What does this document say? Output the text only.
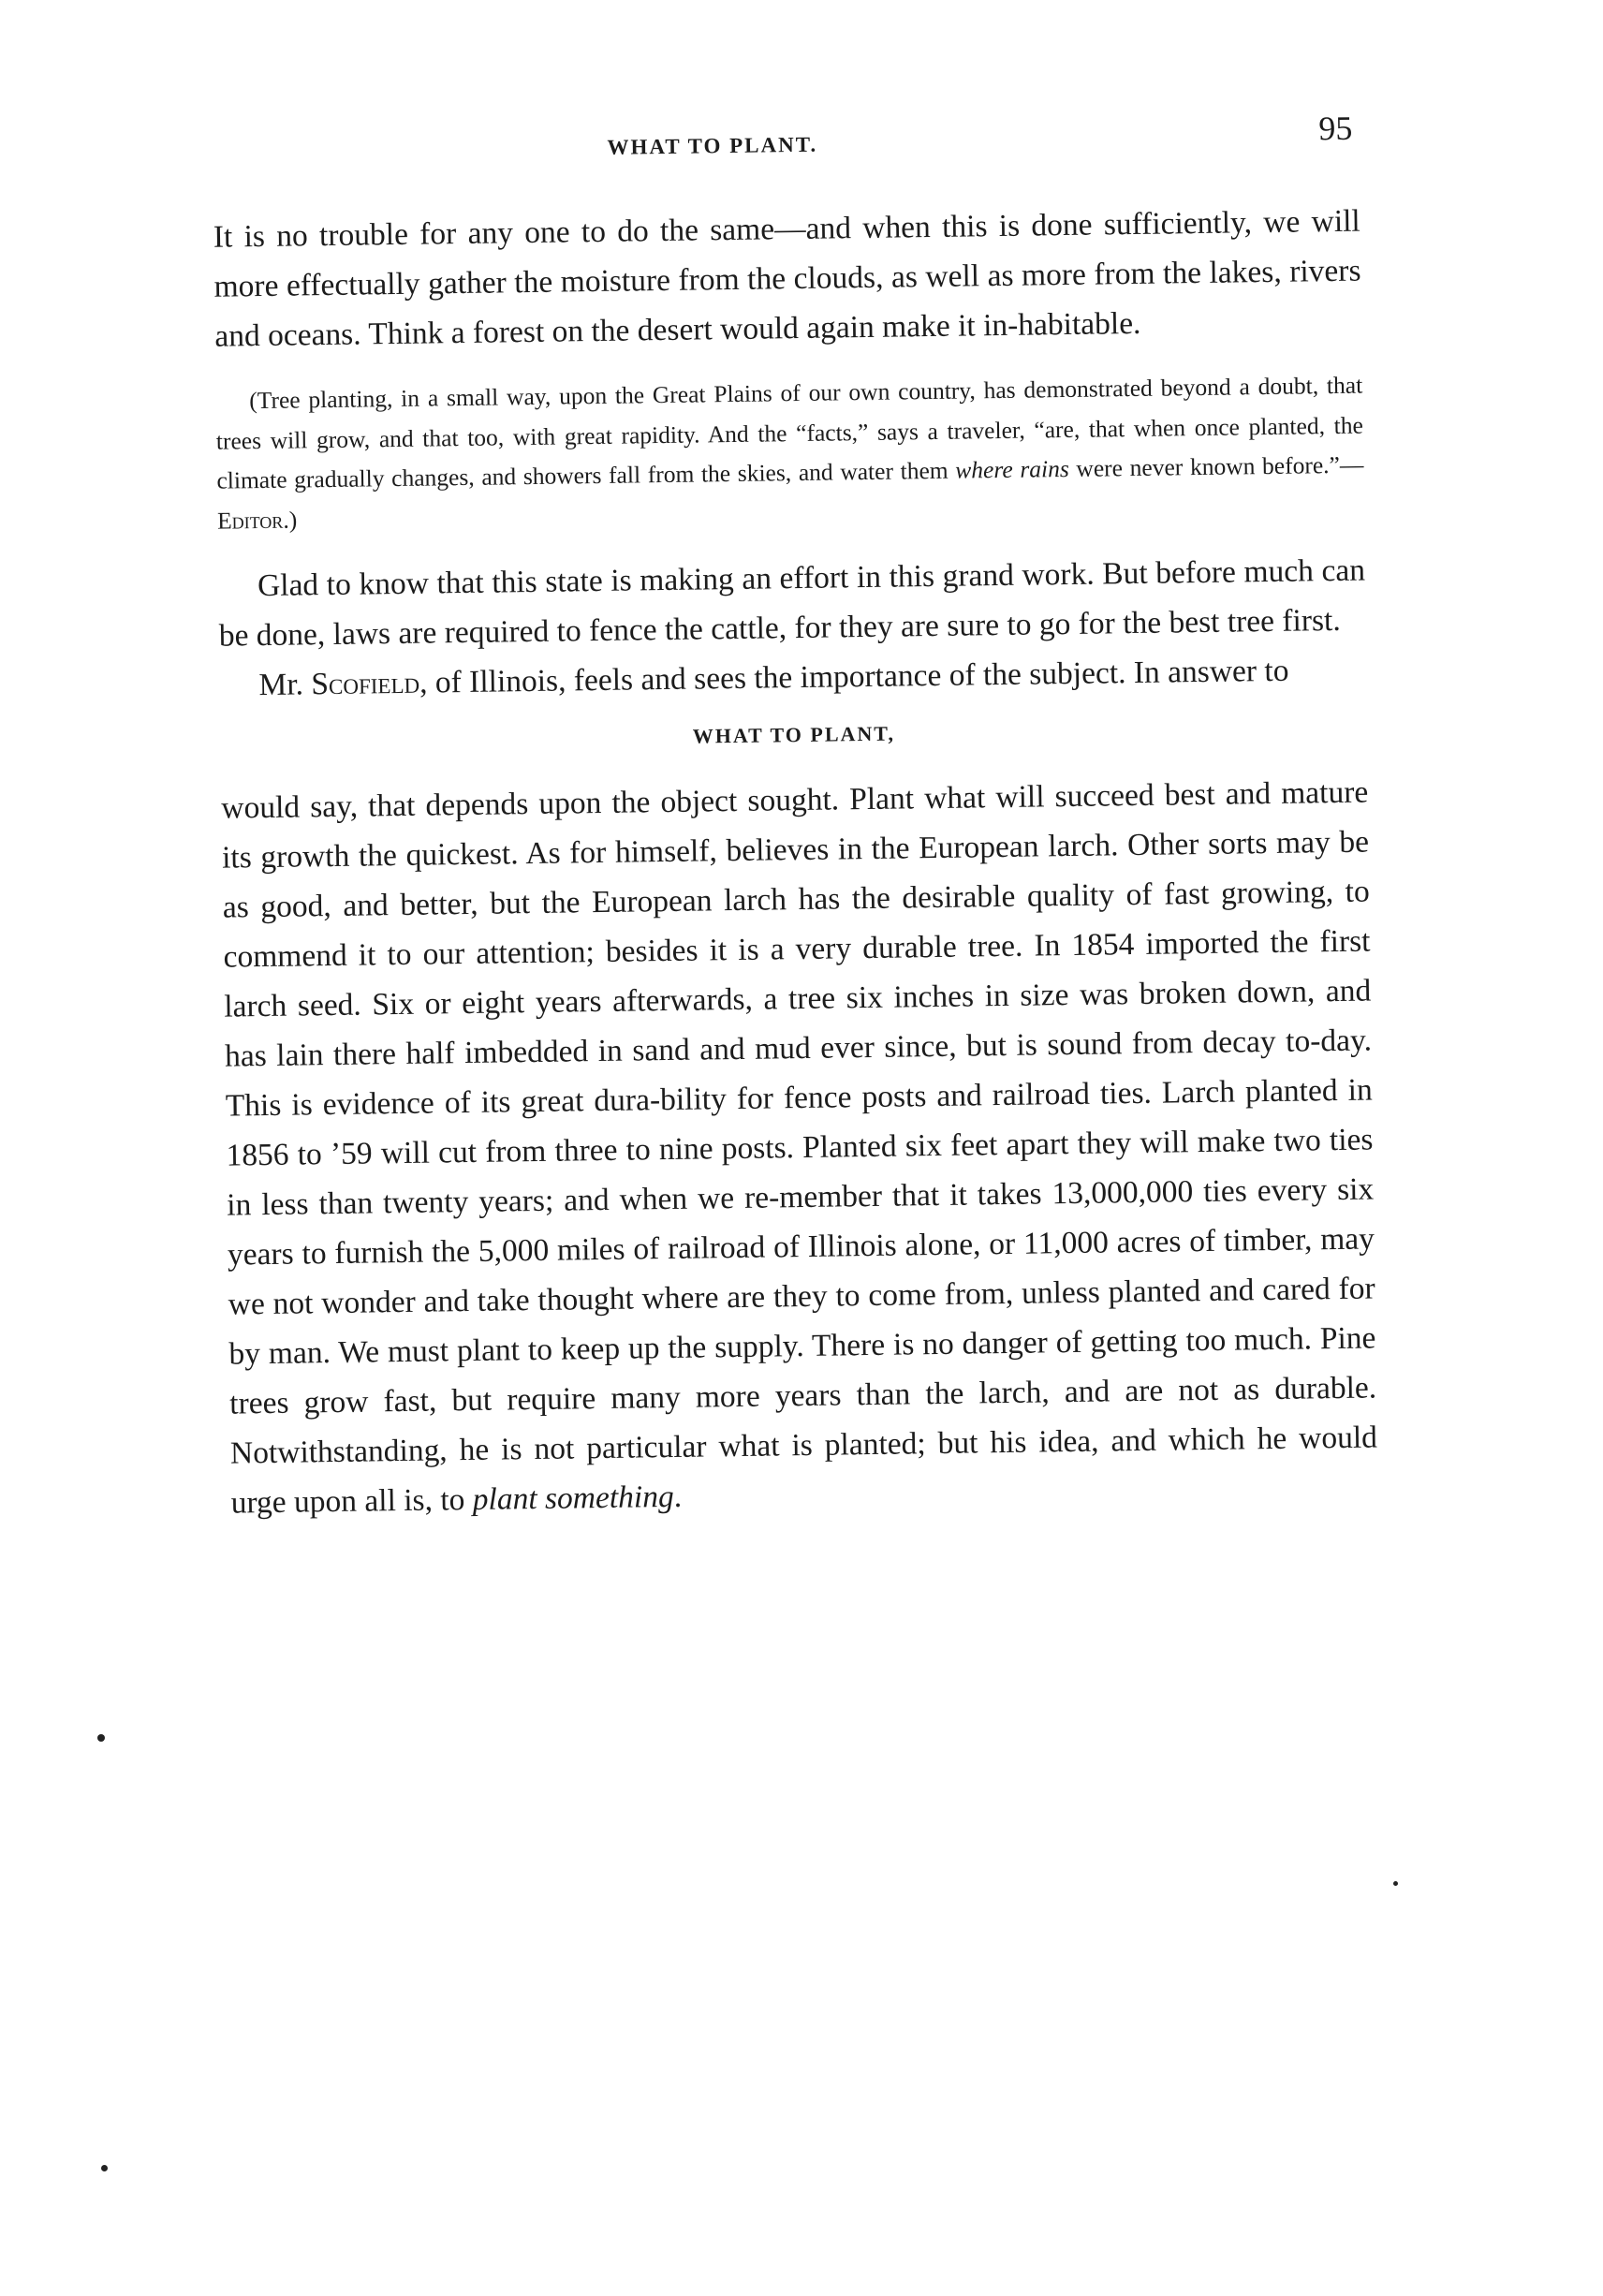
WHAT TO PLANT.	95

It is no trouble for any one to do the same—and when this is done sufficiently, we will more effectually gather the moisture from the clouds, as well as more from the lakes, rivers and oceans. Think a forest on the desert would again make it in-habitable.

(Tree planting, in a small way, upon the Great Plains of our own country, has demonstrated beyond a doubt, that trees will grow, and that too, with great rapidity. And the “facts,” says a traveler, “are, that when once planted, the climate gradually changes, and showers fall from the skies, and water them where rains were never known before.”—Editor.)

Glad to know that this state is making an effort in this grand work. But before much can be done, laws are required to fence the cattle, for they are sure to go for the best tree first.

Mr. Scofield, of Illinois, feels and sees the importance of the subject. In answer to

WHAT TO PLANT,

would say, that depends upon the object sought. Plant what will succeed best and mature its growth the quickest. As for himself, believes in the European larch. Other sorts may be as good, and better, but the European larch has the desirable quality of fast growing, to commend it to our attention; besides it is a very durable tree. In 1854 imported the first larch seed. Six or eight years afterwards, a tree six inches in size was broken down, and has lain there half imbedded in sand and mud ever since, but is sound from decay to-day. This is evidence of its great dura-bility for fence posts and railroad ties. Larch planted in 1856 to ’59 will cut from three to nine posts. Planted six feet apart they will make two ties in less than twenty years; and when we re-member that it takes 13,000,000 ties every six years to furnish the 5,000 miles of railroad of Illinois alone, or 11,000 acres of timber, may we not wonder and take thought where are they to come from, unless planted and cared for by man. We must plant to keep up the supply. There is no danger of getting too much. Pine trees grow fast, but require many more years than the larch, and are not as durable. Notwithstanding, he is not particular what is planted; but his idea, and which he would urge upon all is, to plant something.
